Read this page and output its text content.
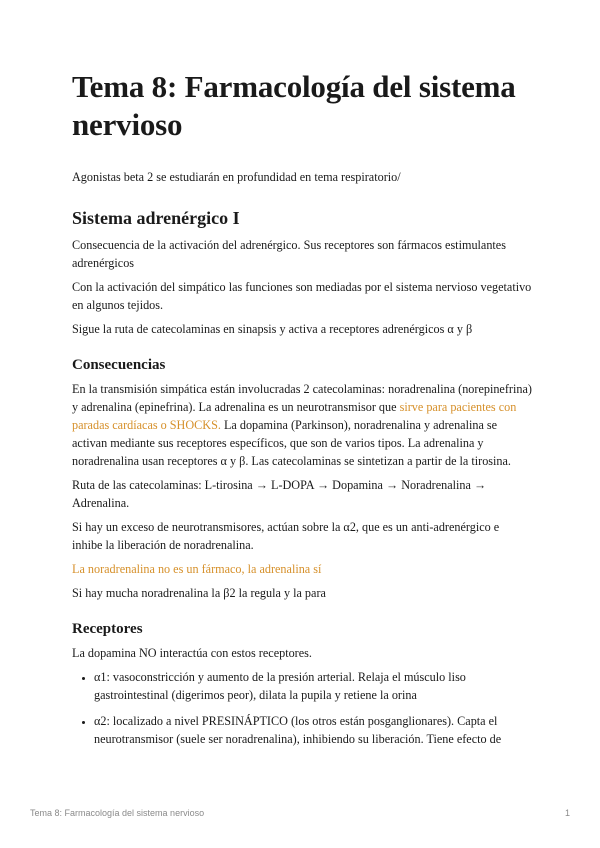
Tema 8: Farmacología del sistema nervioso

Agonistas beta 2 se estudiarán en profundidad en tema respiratorio/

Sistema adrenérgico I

Consecuencia de la activación del adrenérgico. Sus receptores son fármacos estimulantes adrenérgicos

Con la activación del simpático las funciones son mediadas por el sistema nervioso vegetativo en algunos tejidos.

Sigue la ruta de catecolaminas en sinapsis y activa a receptores adrenérgicos α y β

Consecuencias

En la transmisión simpática están involucradas 2 catecolaminas: noradrenalina (norepinefrina) y adrenalina (epinefrina). La adrenalina es un neurotransmisor que sirve para pacientes con paradas cardíacas o SHOCKS. La dopamina (Parkinson), noradrenalina y adrenalina se activan mediante sus receptores específicos, que son de varios tipos. La adrenalina y noradrenalina usan receptores α y β. Las catecolaminas se sintetizan a partir de la tirosina.

Ruta de las catecolaminas: L-tirosina → L-DOPA → Dopamina → Noradrenalina → Adrenalina.

Si hay un exceso de neurotransmisores, actúan sobre la α2, que es un anti-adrenérgico e inhibe la liberación de noradrenalina.

La noradrenalina no es un fármaco, la adrenalina sí

Si hay mucha noradrenalina la β2 la regula y la para

Receptores

La dopamina NO interactúa con estos receptores.

• α1: vasoconstricción y aumento de la presión arterial. Relaja el músculo liso gastrointestinal (digerimos peor), dilata la pupila y retiene la orina
• α2: localizado a nivel PRESINÁPTICO (los otros están posganglionares). Capta el neurotransmisor (suele ser noradrenalina), inhibiendo su liberación. Tiene efecto de
Tema 8: Farmacología del sistema nervioso	1
